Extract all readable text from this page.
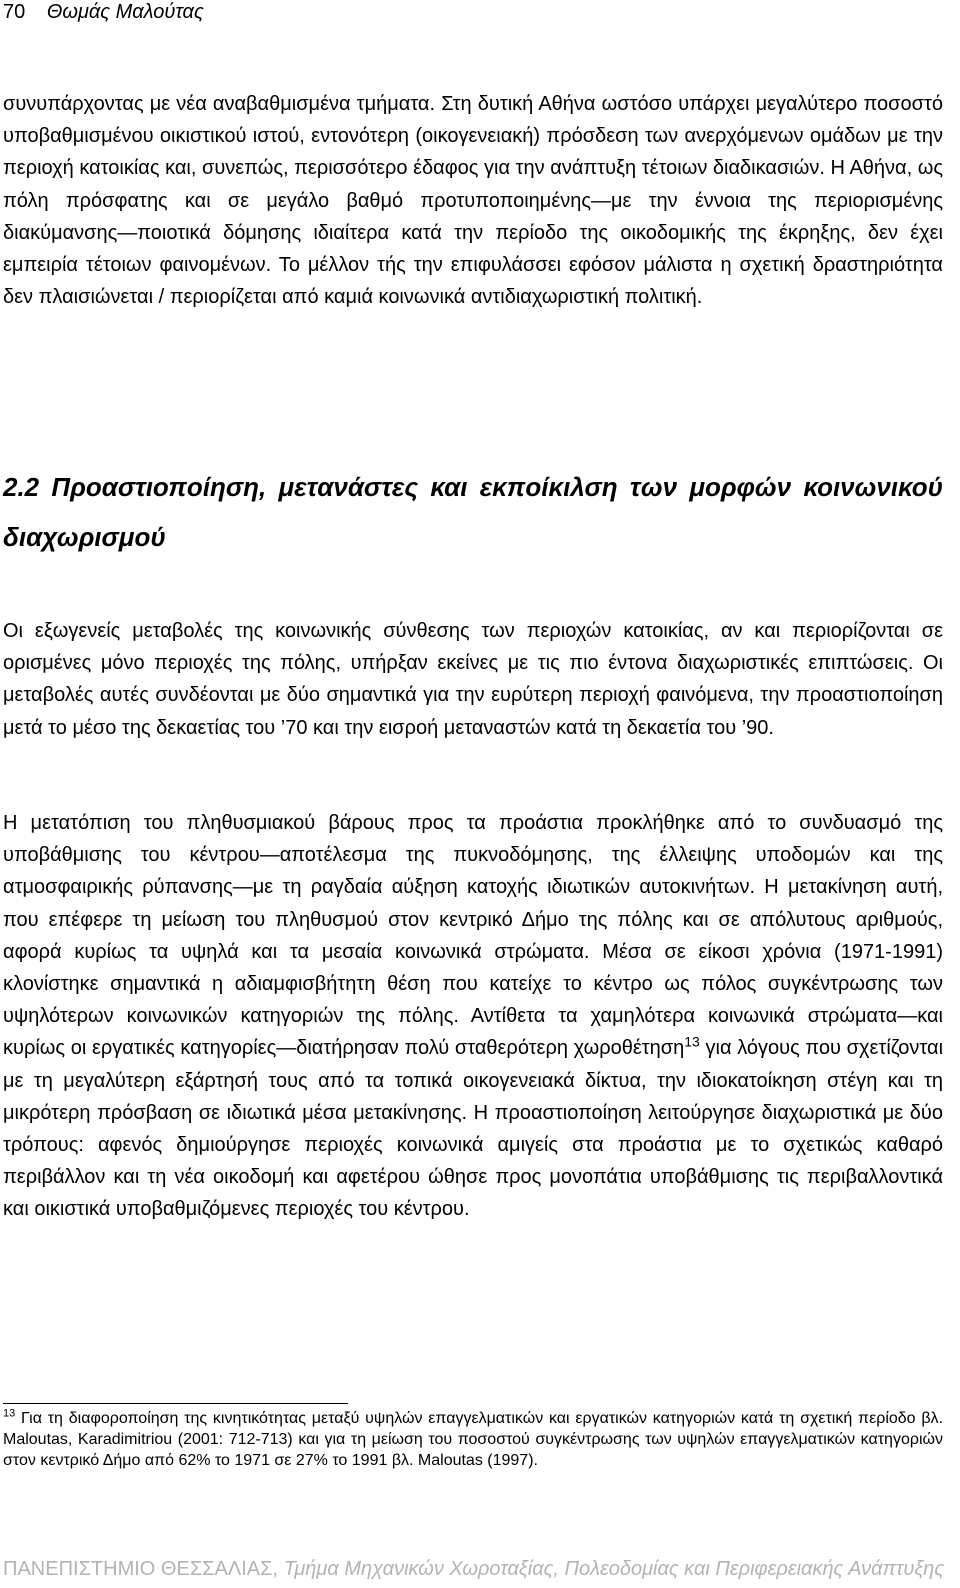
70 Θωμάς Μαλούτας
συνυπάρχοντας με νέα αναβαθμισμένα τμήματα. Στη δυτική Αθήνα ωστόσο υπάρχει μεγαλύτερο ποσοστό υποβαθμισμένου οικιστικού ιστού, εντονότερη (οικογενειακή) πρόσδεση των ανερχόμενων ομάδων με την περιοχή κατοικίας και, συνεπώς, περισσότερο έδαφος για την ανάπτυξη τέτοιων διαδικασιών. Η Αθήνα, ως πόλη πρόσφατης και σε μεγάλο βαθμό προτυποποιημένης—με την έννοια της περιορισμένης διακύμανσης—ποιοτικά δόμησης ιδιαίτερα κατά την περίοδο της οικοδομικής της έκρηξης, δεν έχει εμπειρία τέτοιων φαινομένων. Το μέλλον τής την επιφυλάσσει εφόσον μάλιστα η σχετική δραστηριότητα δεν πλαισιώνεται / περιορίζεται από καμιά κοινωνικά αντιδιαχωριστική πολιτική.
2.2 Προαστιοποίηση, μετανάστες και εκποίκιλση των μορφών κοινωνικού διαχωρισμού
Οι εξωγενείς μεταβολές της κοινωνικής σύνθεσης των περιοχών κατοικίας, αν και περιορίζονται σε ορισμένες μόνο περιοχές της πόλης, υπήρξαν εκείνες με τις πιο έντονα διαχωριστικές επιπτώσεις. Οι μεταβολές αυτές συνδέονται με δύο σημαντικά για την ευρύτερη περιοχή φαινόμενα, την προαστιοποίηση μετά το μέσο της δεκαετίας του ’70 και την εισροή μεταναστών κατά τη δεκαετία του ’90.
Η μετατόπιση του πληθυσμιακού βάρους προς τα προάστια προκλήθηκε από το συνδυασμό της υποβάθμισης του κέντρου—αποτέλεσμα της πυκνοδόμησης, της έλλειψης υποδομών και της ατμοσφαιρικής ρύπανσης—με τη ραγδαία αύξηση κατοχής ιδιωτικών αυτοκινήτων. Η μετακίνηση αυτή, που επέφερε τη μείωση του πληθυσμού στον κεντρικό Δήμο της πόλης και σε απόλυτους αριθμούς, αφορά κυρίως τα υψηλά και τα μεσαία κοινωνικά στρώματα. Μέσα σε είκοσι χρόνια (1971-1991) κλονίστηκε σημαντικά η αδιαμφισβήτητη θέση που κατείχε το κέντρο ως πόλος συγκέντρωσης των υψηλότερων κοινωνικών κατηγοριών της πόλης. Αντίθετα τα χαμηλότερα κοινωνικά στρώματα—και κυρίως οι εργατικές κατηγορίες—διατήρησαν πολύ σταθερότερη χωροθέτηση$^{13}$ για λόγους που σχετίζονται με τη μεγαλύτερη εξάρτησή τους από τα τοπικά οικογενειακά δίκτυα, την ιδιοκατοίκηση στέγη και τη μικρότερη πρόσβαση σε ιδιωτικά μέσα μετακίνησης. Η προαστιοποίηση λειτούργησε διαχωριστικά με δύο τρόπους: αφενός δημιούργησε περιοχές κοινωνικά αμιγείς στα προάστια με το σχετικώς καθαρό περιβάλλον και τη νέα οικοδομή και αφετέρου ώθησε προς μονοπάτια υποβάθμισης τις περιβαλλοντικά και οικιστικά υποβαθμιζόμενες περιοχές του κέντρου.
$^{13}$ Για τη διαφοροποίηση της κινητικότητας μεταξύ υψηλών επαγγελματικών και εργατικών κατηγοριών κατά τη σχετική περίοδο βλ. Maloutas, Karadimitriou (2001: 712-713) και για τη μείωση του ποσοστού συγκέντρωσης των υψηλών επαγγελματικών κατηγοριών στον κεντρικό Δήμο από 62% το 1971 σε 27% το 1991 βλ. Maloutas (1997).
ΠΑΝΕΠΙΣΤΗΜΙΟ ΘΕΣΣΑΛΙΑΣ, Τμήμα Μηχανικών Χωροταξίας, Πολεοδομίας και Περιφερειακής Ανάπτυξης
